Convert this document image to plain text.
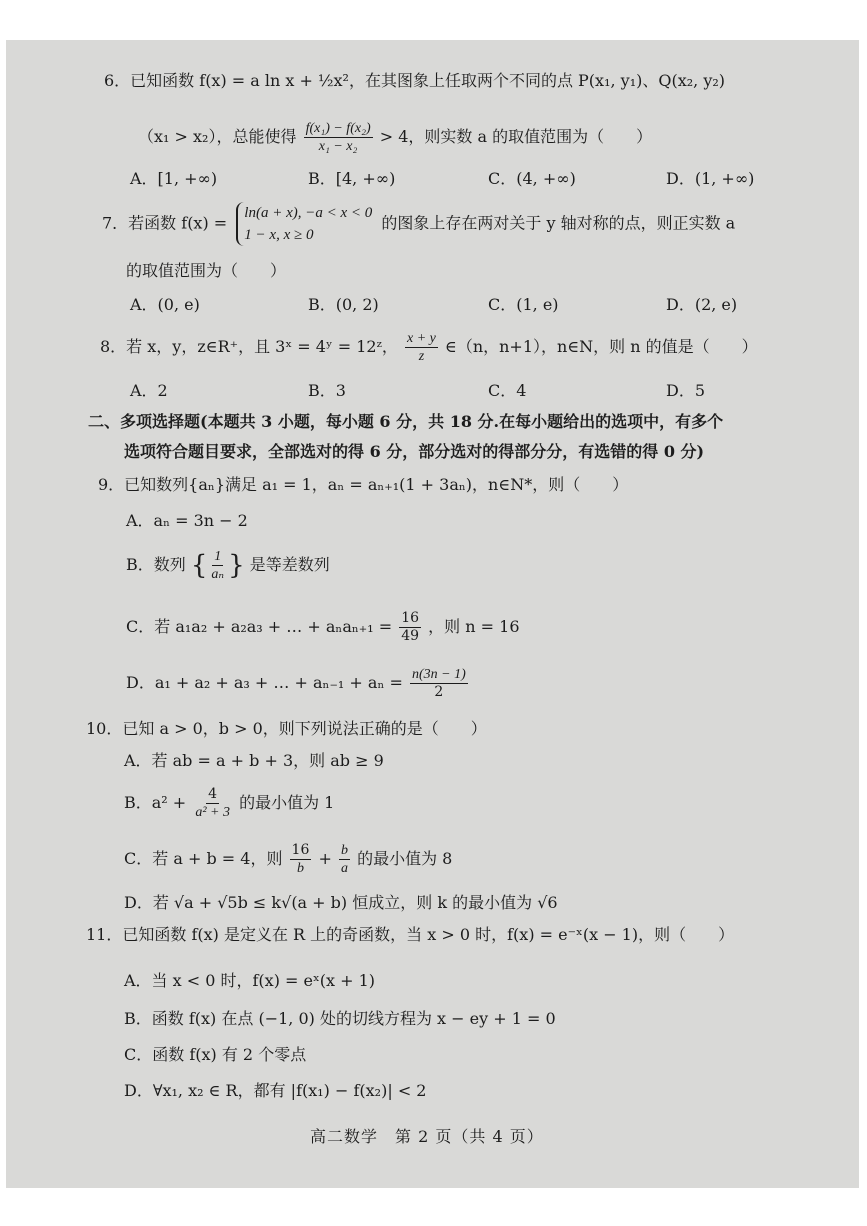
6．已知函数 f(x) = a ln x + ½x²，在其图象上任取两个不同的点 P(x₁, y₁)、Q(x₂, y₂)
（x₁ > x₂），总能使得 $\frac{\text{f(x₁) − f(x₂)}}{\text{x₁ − x₂}} > 4$，则实数 a 的取值范围为（　　）
A．[1, +∞)	B．[4, +∞)	C．(4, +∞)	D．(1, +∞)
7．若函数 f(x) =
ln(a + x), −a < x < 0
1 − x, x ≥ 0
的图象上存在两对关于 y 轴对称的点，则正实数 a
的取值范围为（　　）
A．(0, e)	B．(0, 2)	C．(1, e)	D．(2, e)
8．若 x，y，z∈R⁺，且 3ˣ = 4ʸ = 12ᶻ， $\frac{x + y}{z}$ ∈（n，n+1），n∈N，则 n 的值是（　　）
A．2	B．3	C．4	D．5
二、多项选择题(本题共 3 小题，每小题 6 分，共 18 分.在每小题给出的选项中，有多个
选项符合题目要求，全部选对的得 6 分，部分选对的得部分分，有选错的得 0 分)
9．已知数列{aₙ}满足 a₁ = 1，aₙ = aₙ₊₁(1 + 3aₙ)，n∈N*，则（　　）
A．aₙ = 3n − 2
B．数列 { $\frac{1}{\text{aₙ}}$ } 是等差数列
C．若 a₁a₂ + a₂a₃ + … + $a_na_{n+1} = \frac{16}{49}$ ，则 n = 16
D．a₁ + a₂ + a₃ + … + $a_{n-1} + a_n = \frac{n(3n - 1)}{2}$
10．已知 a > 0，b > 0，则下列说法正确的是（　　）
A．若 ab = a + b + 3，则 ab ≥ 9
B．$a^2 + \frac{4}{\text{a² + 3}}$ 的最小值为 1
C．若 a + b = 4，则 $\frac{16}{b} + \frac{b}{a}$ 的最小值为 8
D．若 √a + √5b ≤ k√(a + b) 恒成立，则 k 的最小值为 √6
11．已知函数 f(x) 是定义在 R 上的奇函数，当 x > 0 时，f(x) = e⁻ˣ(x − 1)，则（　　）
A．当 x < 0 时，f(x) = eˣ(x + 1)
B．函数 f(x) 在点 (−1, 0) 处的切线方程为 x − ey + 1 = 0
C．函数 f(x) 有 2 个零点
D．∀x₁, x₂ ∈ R，都有 |f(x₁) − f(x₂)| < 2
高二数学　第 2 页（共 4 页）
